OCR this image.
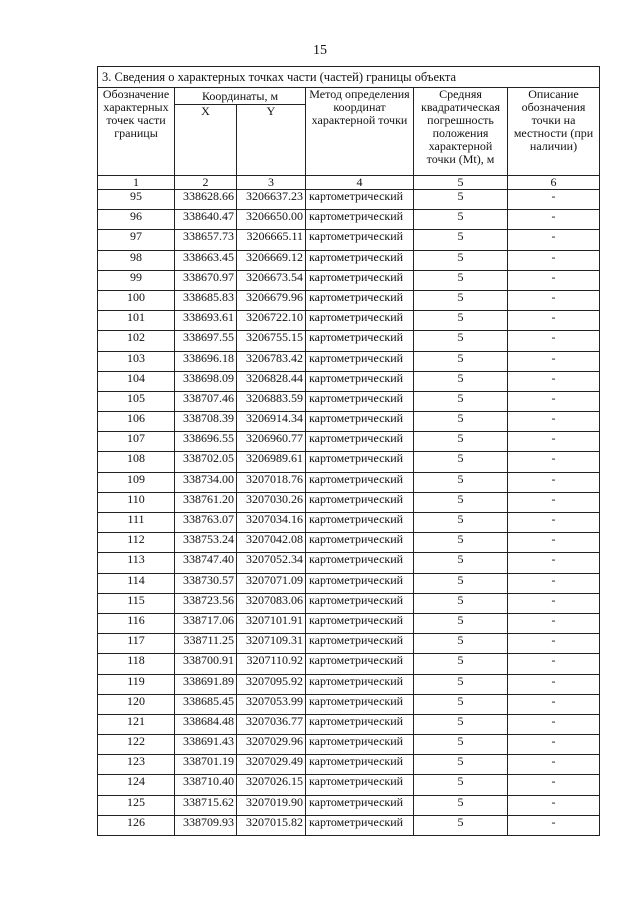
15
3. Сведения о характерных точках части (частей) границы объекта					
Обозначение характерных точек части границы	Координаты, м		Метод определения координат характерной точки	Средняя квадратическая погрешность положения характерной точки (Mt), м	Описание обозначения точки на местности (при наличии)
	X	Y			
1	2	3	4	5	6
95	338628.66	3206637.23	картометрический	5	-
96	338640.47	3206650.00	картометрический	5	-
97	338657.73	3206665.11	картометрический	5	-
98	338663.45	3206669.12	картометрический	5	-
99	338670.97	3206673.54	картометрический	5	-
100	338685.83	3206679.96	картометрический	5	-
101	338693.61	3206722.10	картометрический	5	-
102	338697.55	3206755.15	картометрический	5	-
103	338696.18	3206783.42	картометрический	5	-
104	338698.09	3206828.44	картометрический	5	-
105	338707.46	3206883.59	картометрический	5	-
106	338708.39	3206914.34	картометрический	5	-
107	338696.55	3206960.77	картометрический	5	-
108	338702.05	3206989.61	картометрический	5	-
109	338734.00	3207018.76	картометрический	5	-
110	338761.20	3207030.26	картометрический	5	-
111	338763.07	3207034.16	картометрический	5	-
112	338753.24	3207042.08	картометрический	5	-
113	338747.40	3207052.34	картометрический	5	-
114	338730.57	3207071.09	картометрический	5	-
115	338723.56	3207083.06	картометрический	5	-
116	338717.06	3207101.91	картометрический	5	-
117	338711.25	3207109.31	картометрический	5	-
118	338700.91	3207110.92	картометрический	5	-
119	338691.89	3207095.92	картометрический	5	-
120	338685.45	3207053.99	картометрический	5	-
121	338684.48	3207036.77	картометрический	5	-
122	338691.43	3207029.96	картометрический	5	-
123	338701.19	3207029.49	картометрический	5	-
124	338710.40	3207026.15	картометрический	5	-
125	338715.62	3207019.90	картометрический	5	-
126	338709.93	3207015.82	картометрический	5	-
